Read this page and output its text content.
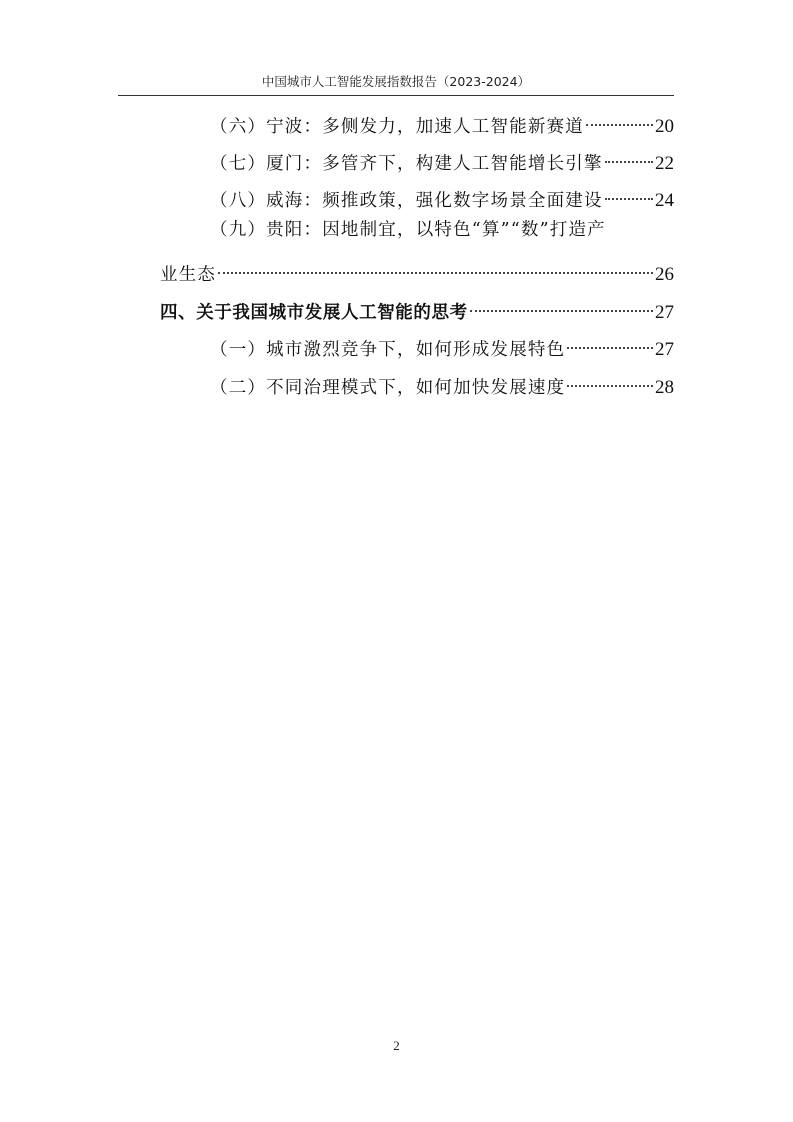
中国城市人工智能发展指数报告（2023-2024）
（六）宁波：多侧发力，加速人工智能新赛道	20
（七）厦门：多管齐下，构建人工智能增长引擎	22
（八）威海：频推政策，强化数字场景全面建设	24
（九）贵阳：因地制宜，以特色“算”“数”打造产
业生态	26
四、关于我国城市发展人工智能的思考	27
（一）城市激烈竞争下，如何形成发展特色	27
（二）不同治理模式下，如何加快发展速度	28
2
